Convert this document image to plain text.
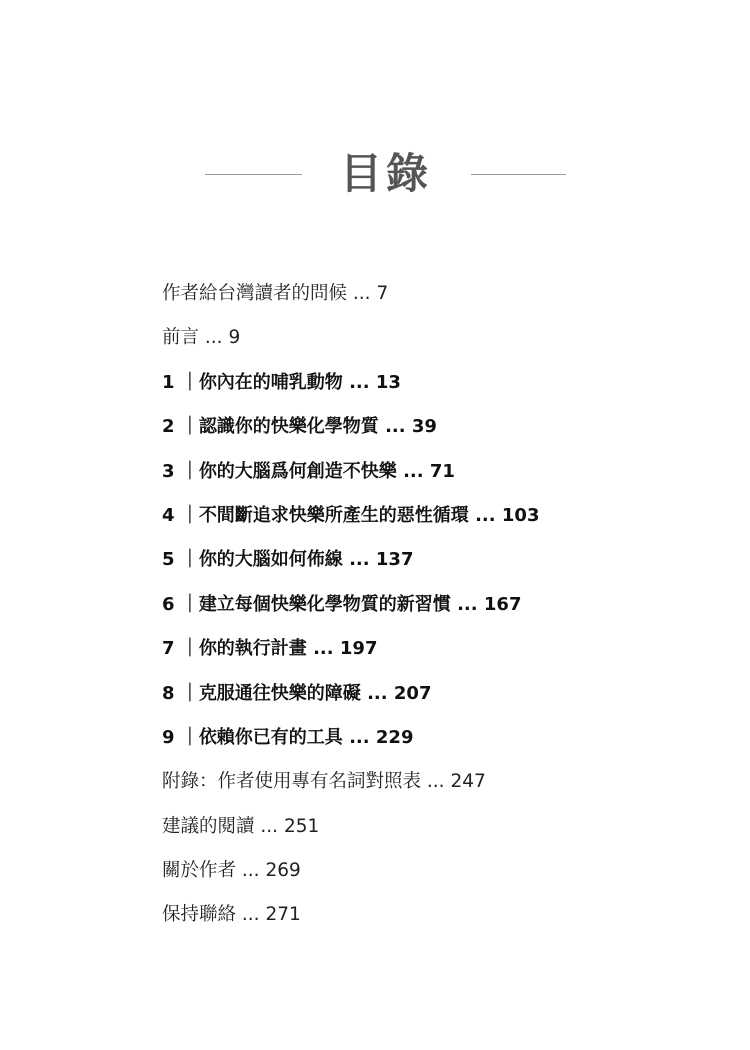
目錄
作者給台灣讀者的問候 ... 7
前言 ... 9
1 ｜你內在的哺乳動物 ... 13
2 ｜認識你的快樂化學物質 ... 39
3 ｜你的大腦爲何創造不快樂 ... 71
4 ｜不間斷追求快樂所產生的惡性循環 ... 103
5 ｜你的大腦如何佈線 ... 137
6 ｜建立每個快樂化學物質的新習慣 ... 167
7 ｜你的執行計畫 ... 197
8 ｜克服通往快樂的障礙 ... 207
9 ｜依賴你已有的工具 ... 229
附錄：作者使用專有名詞對照表 ... 247
建議的閱讀 ... 251
關於作者 ... 269
保持聯絡 ... 271
